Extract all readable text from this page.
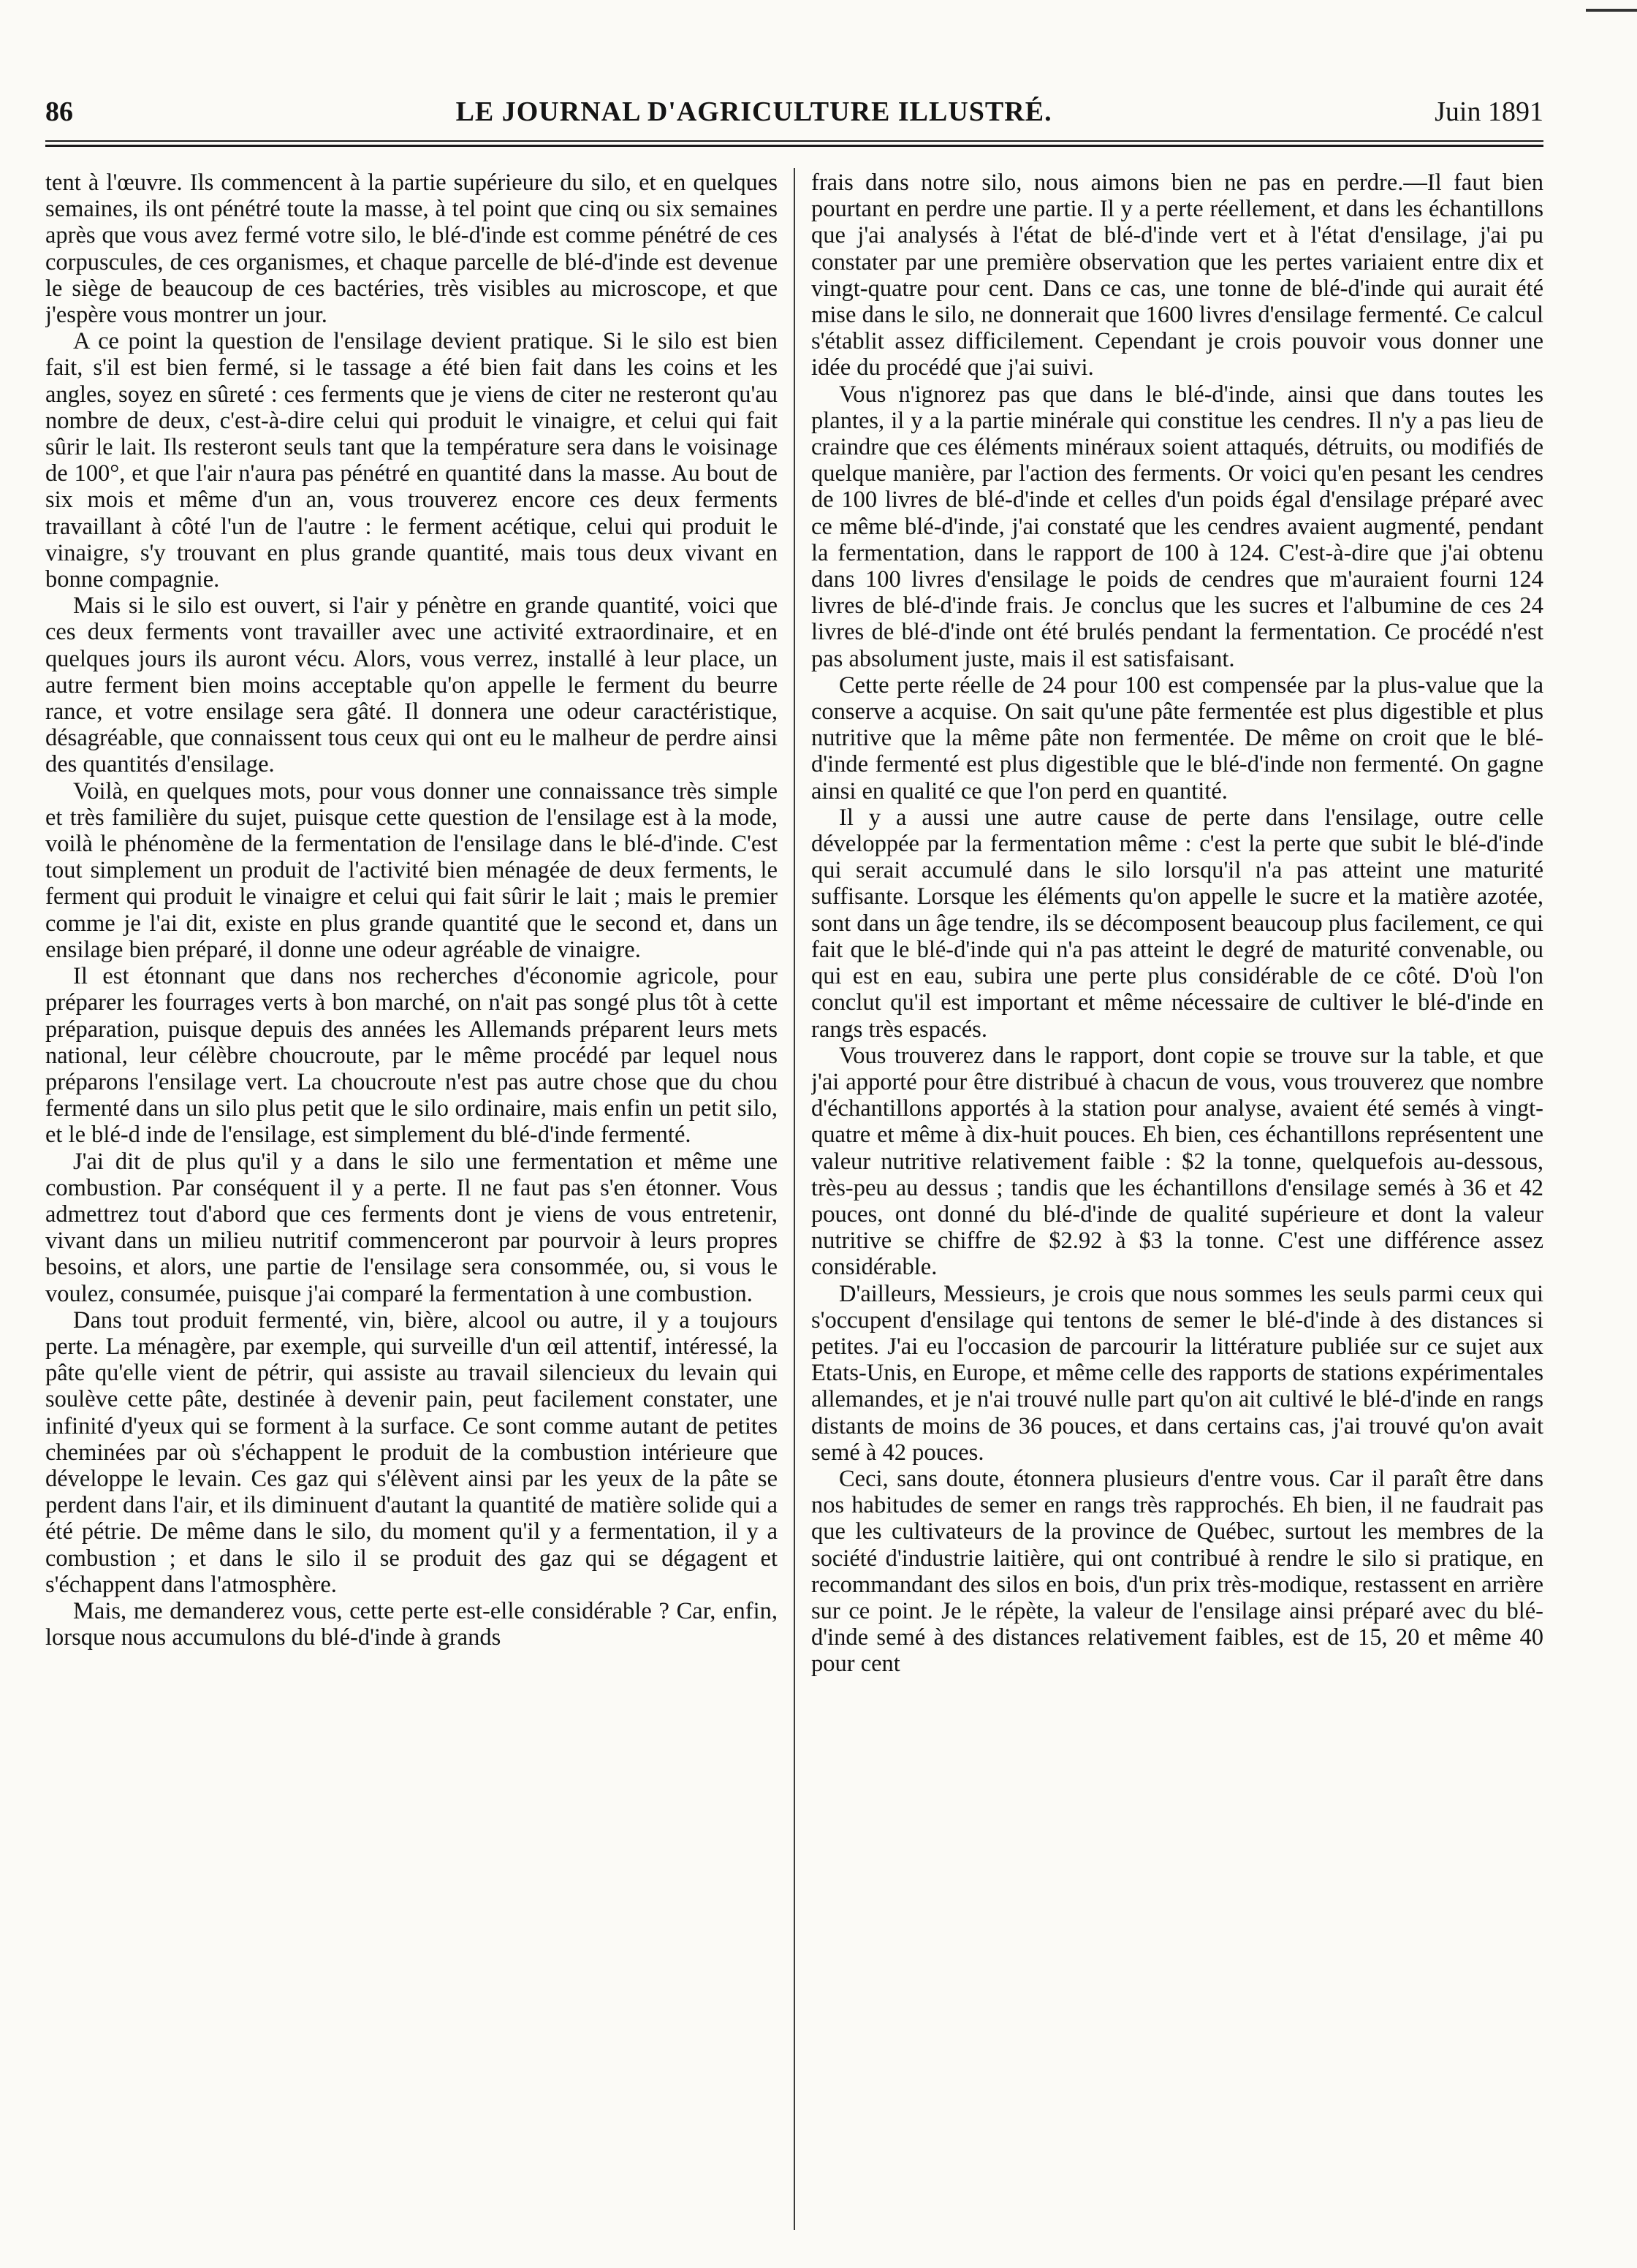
86	LE JOURNAL D'AGRICULTURE ILLUSTRÉ.	Juin 1891

tent à l'œuvre. Ils commencent à la partie supérieure du silo, et en quelques semaines, ils ont pénétré toute la masse, à tel point que cinq ou six semaines après que vous avez fermé votre silo, le blé-d'inde est comme pénétré de ces corpuscules, de ces organismes, et chaque parcelle de blé-d'inde est devenue le siège de beaucoup de ces bactéries, très visibles au microscope, et que j'espère vous montrer un jour.

A ce point la question de l'ensilage devient pratique. Si le silo est bien fait, s'il est bien fermé, si le tassage a été bien fait dans les coins et les angles, soyez en sûreté : ces ferments que je viens de citer ne resteront qu'au nombre de deux, c'est-à-dire celui qui produit le vinaigre, et celui qui fait sûrir le lait. Ils resteront seuls tant que la température sera dans le voisinage de 100°, et que l'air n'aura pas pénétré en quantité dans la masse. Au bout de six mois et même d'un an, vous trouverez encore ces deux ferments travaillant à côté l'un de l'autre : le ferment acétique, celui qui produit le vinaigre, s'y trouvant en plus grande quantité, mais tous deux vivant en bonne compagnie.

Mais si le silo est ouvert, si l'air y pénètre en grande quantité, voici que ces deux ferments vont travailler avec une activité extraordinaire, et en quelques jours ils auront vécu. Alors, vous verrez, installé à leur place, un autre ferment bien moins acceptable qu'on appelle le ferment du beurre rance, et votre ensilage sera gâté. Il donnera une odeur caractéristique, désagréable, que connaissent tous ceux qui ont eu le malheur de perdre ainsi des quantités d'ensilage.

Voilà, en quelques mots, pour vous donner une connaissance très simple et très familière du sujet, puisque cette question de l'ensilage est à la mode, voilà le phénomène de la fermentation de l'ensilage dans le blé-d'inde. C'est tout simplement un produit de l'activité bien ménagée de deux ferments, le ferment qui produit le vinaigre et celui qui fait sûrir le lait ; mais le premier comme je l'ai dit, existe en plus grande quantité que le second et, dans un ensilage bien préparé, il donne une odeur agréable de vinaigre.

Il est étonnant que dans nos recherches d'économie agricole, pour préparer les fourrages verts à bon marché, on n'ait pas songé plus tôt à cette préparation, puisque depuis des années les Allemands préparent leurs mets national, leur célèbre choucroute, par le même procédé par lequel nous préparons l'ensilage vert. La choucroute n'est pas autre chose que du chou fermenté dans un silo plus petit que le silo ordinaire, mais enfin un petit silo, et le blé-d inde de l'ensilage, est simplement du blé-d'inde fermenté.

J'ai dit de plus qu'il y a dans le silo une fermentation et même une combustion. Par conséquent il y a perte. Il ne faut pas s'en étonner. Vous admettrez tout d'abord que ces ferments dont je viens de vous entretenir, vivant dans un milieu nutritif commenceront par pourvoir à leurs propres besoins, et alors, une partie de l'ensilage sera consommée, ou, si vous le voulez, consumée, puisque j'ai comparé la fermentation à une combustion.

Dans tout produit fermenté, vin, bière, alcool ou autre, il y a toujours perte. La ménagère, par exemple, qui surveille d'un œil attentif, intéressé, la pâte qu'elle vient de pétrir, qui assiste au travail silencieux du levain qui soulève cette pâte, destinée à devenir pain, peut facilement constater, une infinité d'yeux qui se forment à la surface. Ce sont comme autant de petites cheminées par où s'échappent le produit de la combustion intérieure que développe le levain. Ces gaz qui s'élèvent ainsi par les yeux de la pâte se perdent dans l'air, et ils diminuent d'autant la quantité de matière solide qui a été pétrie. De même dans le silo, du moment qu'il y a fermentation, il y a combustion ; et dans le silo il se produit des gaz qui se dégagent et s'échappent dans l'atmosphère.

Mais, me demanderez vous, cette perte est-elle considérable ? Car, enfin, lorsque nous accumulons du blé-d'inde à grands

frais dans notre silo, nous aimons bien ne pas en perdre.—Il faut bien pourtant en perdre une partie. Il y a perte réellement, et dans les échantillons que j'ai analysés à l'état de blé-d'inde vert et à l'état d'ensilage, j'ai pu constater par une première observation que les pertes variaient entre dix et vingt-quatre pour cent. Dans ce cas, une tonne de blé-d'inde qui aurait été mise dans le silo, ne donnerait que 1600 livres d'ensilage fermenté. Ce calcul s'établit assez difficilement. Cependant je crois pouvoir vous donner une idée du procédé que j'ai suivi.

Vous n'ignorez pas que dans le blé-d'inde, ainsi que dans toutes les plantes, il y a la partie minérale qui constitue les cendres. Il n'y a pas lieu de craindre que ces éléments minéraux soient attaqués, détruits, ou modifiés de quelque manière, par l'action des ferments. Or voici qu'en pesant les cendres de 100 livres de blé-d'inde et celles d'un poids égal d'ensilage préparé avec ce même blé-d'inde, j'ai constaté que les cendres avaient augmenté, pendant la fermentation, dans le rapport de 100 à 124. C'est-à-dire que j'ai obtenu dans 100 livres d'ensilage le poids de cendres que m'auraient fourni 124 livres de blé-d'inde frais. Je conclus que les sucres et l'albumine de ces 24 livres de blé-d'inde ont été brulés pendant la fermentation. Ce procédé n'est pas absolument juste, mais il est satisfaisant.

Cette perte réelle de 24 pour 100 est compensée par la plus-value que la conserve a acquise. On sait qu'une pâte fermentée est plus digestible et plus nutritive que la même pâte non fermentée. De même on croit que le blé-d'inde fermenté est plus digestible que le blé-d'inde non fermenté. On gagne ainsi en qualité ce que l'on perd en quantité.

Il y a aussi une autre cause de perte dans l'ensilage, outre celle développée par la fermentation même : c'est la perte que subit le blé-d'inde qui serait accumulé dans le silo lorsqu'il n'a pas atteint une maturité suffisante. Lorsque les éléments qu'on appelle le sucre et la matière azotée, sont dans un âge tendre, ils se décomposent beaucoup plus facilement, ce qui fait que le blé-d'inde qui n'a pas atteint le degré de maturité convenable, ou qui est en eau, subira une perte plus considérable de ce côté. D'où l'on conclut qu'il est important et même nécessaire de cultiver le blé-d'inde en rangs très espacés.

Vous trouverez dans le rapport, dont copie se trouve sur la table, et que j'ai apporté pour être distribué à chacun de vous, vous trouverez que nombre d'échantillons apportés à la station pour analyse, avaient été semés à vingt-quatre et même à dix-huit pouces. Eh bien, ces échantillons représentent une valeur nutritive relativement faible : $2 la tonne, quelquefois au-dessous, très-peu au dessus ; tandis que les échantillons d'ensilage semés à 36 et 42 pouces, ont donné du blé-d'inde de qualité supérieure et dont la valeur nutritive se chiffre de $2.92 à $3 la tonne. C'est une différence assez considérable.

D'ailleurs, Messieurs, je crois que nous sommes les seuls parmi ceux qui s'occupent d'ensilage qui tentons de semer le blé-d'inde à des distances si petites. J'ai eu l'occasion de parcourir la littérature publiée sur ce sujet aux Etats-Unis, en Europe, et même celle des rapports de stations expérimentales allemandes, et je n'ai trouvé nulle part qu'on ait cultivé le blé-d'inde en rangs distants de moins de 36 pouces, et dans certains cas, j'ai trouvé qu'on avait semé à 42 pouces.

Ceci, sans doute, étonnera plusieurs d'entre vous. Car il paraît être dans nos habitudes de semer en rangs très rapprochés. Eh bien, il ne faudrait pas que les cultivateurs de la province de Québec, surtout les membres de la société d'industrie laitière, qui ont contribué à rendre le silo si pratique, en recommandant des silos en bois, d'un prix très-modique, restassent en arrière sur ce point. Je le répète, la valeur de l'ensilage ainsi préparé avec du blé-d'inde semé à des distances relativement faibles, est de 15, 20 et même 40 pour cent
